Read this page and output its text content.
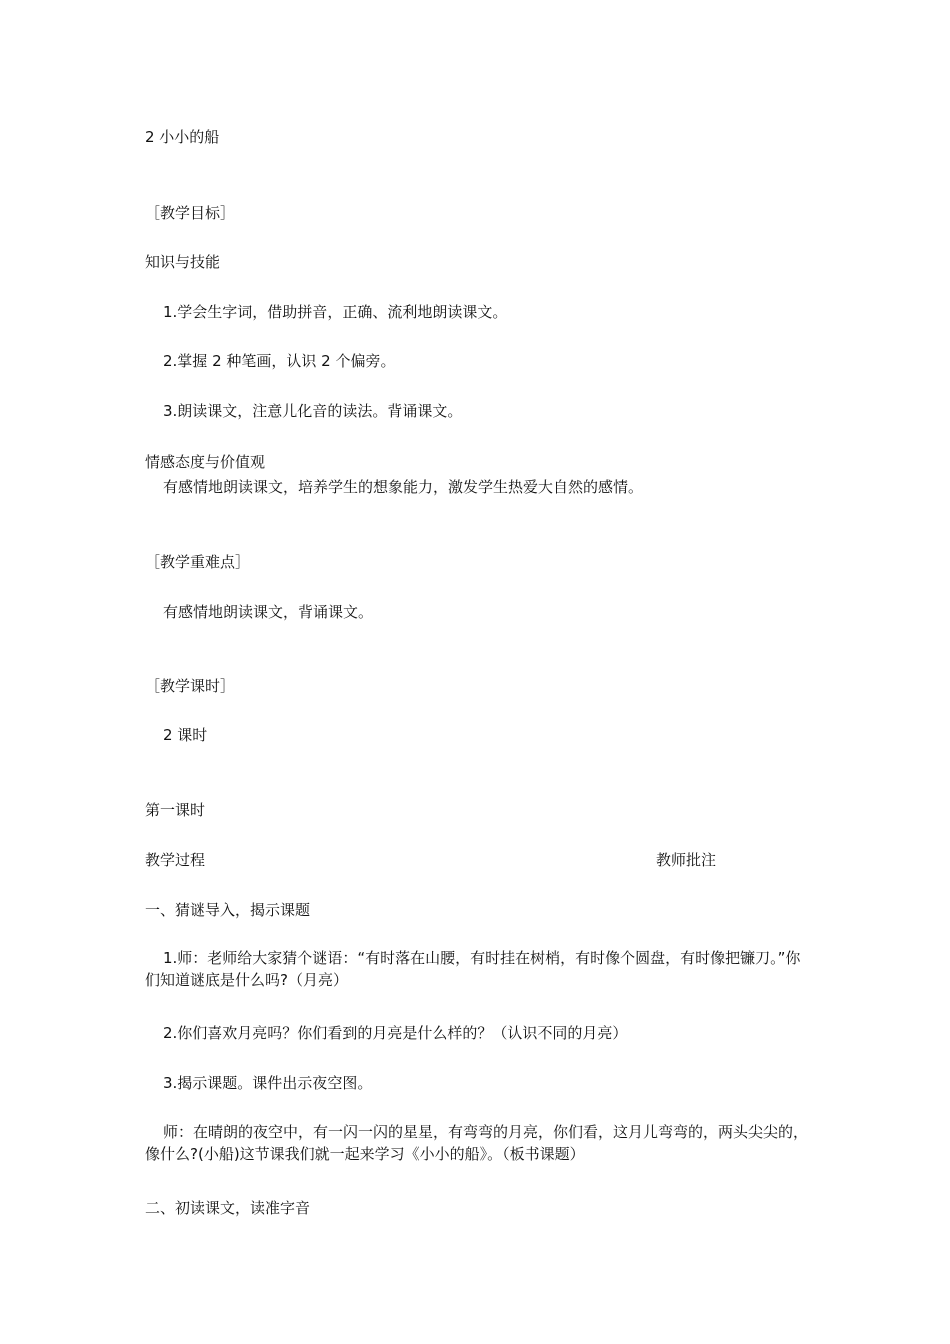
2 小小的船
［教学目标］
知识与技能
1.学会生字词，借助拼音，正确、流利地朗读课文。
2.掌握 2 种笔画，认识 2 个偏旁。
3.朗读课文，注意儿化音的读法。背诵课文。
情感态度与价值观
有感情地朗读课文，培养学生的想象能力，激发学生热爱大自然的感情。
［教学重难点］
有感情地朗读课文，背诵课文。
［教学课时］
2 课时
第一课时
教学过程	教师批注
一、猜谜导入，揭示课题
1.师：老师给大家猜个谜语：“有时落在山腰，有时挂在树梢，有时像个圆盘，有时像把镰刀。”你们知道谜底是什么吗?（月亮）
2.你们喜欢月亮吗？你们看到的月亮是什么样的？（认识不同的月亮）
3.揭示课题。课件出示夜空图。
师：在晴朗的夜空中，有一闪一闪的星星，有弯弯的月亮，你们看，这月儿弯弯的，两头尖尖的，像什么?(小船)这节课我们就一起来学习《小小的船》。（板书课题）
二、初读课文，读准字音
